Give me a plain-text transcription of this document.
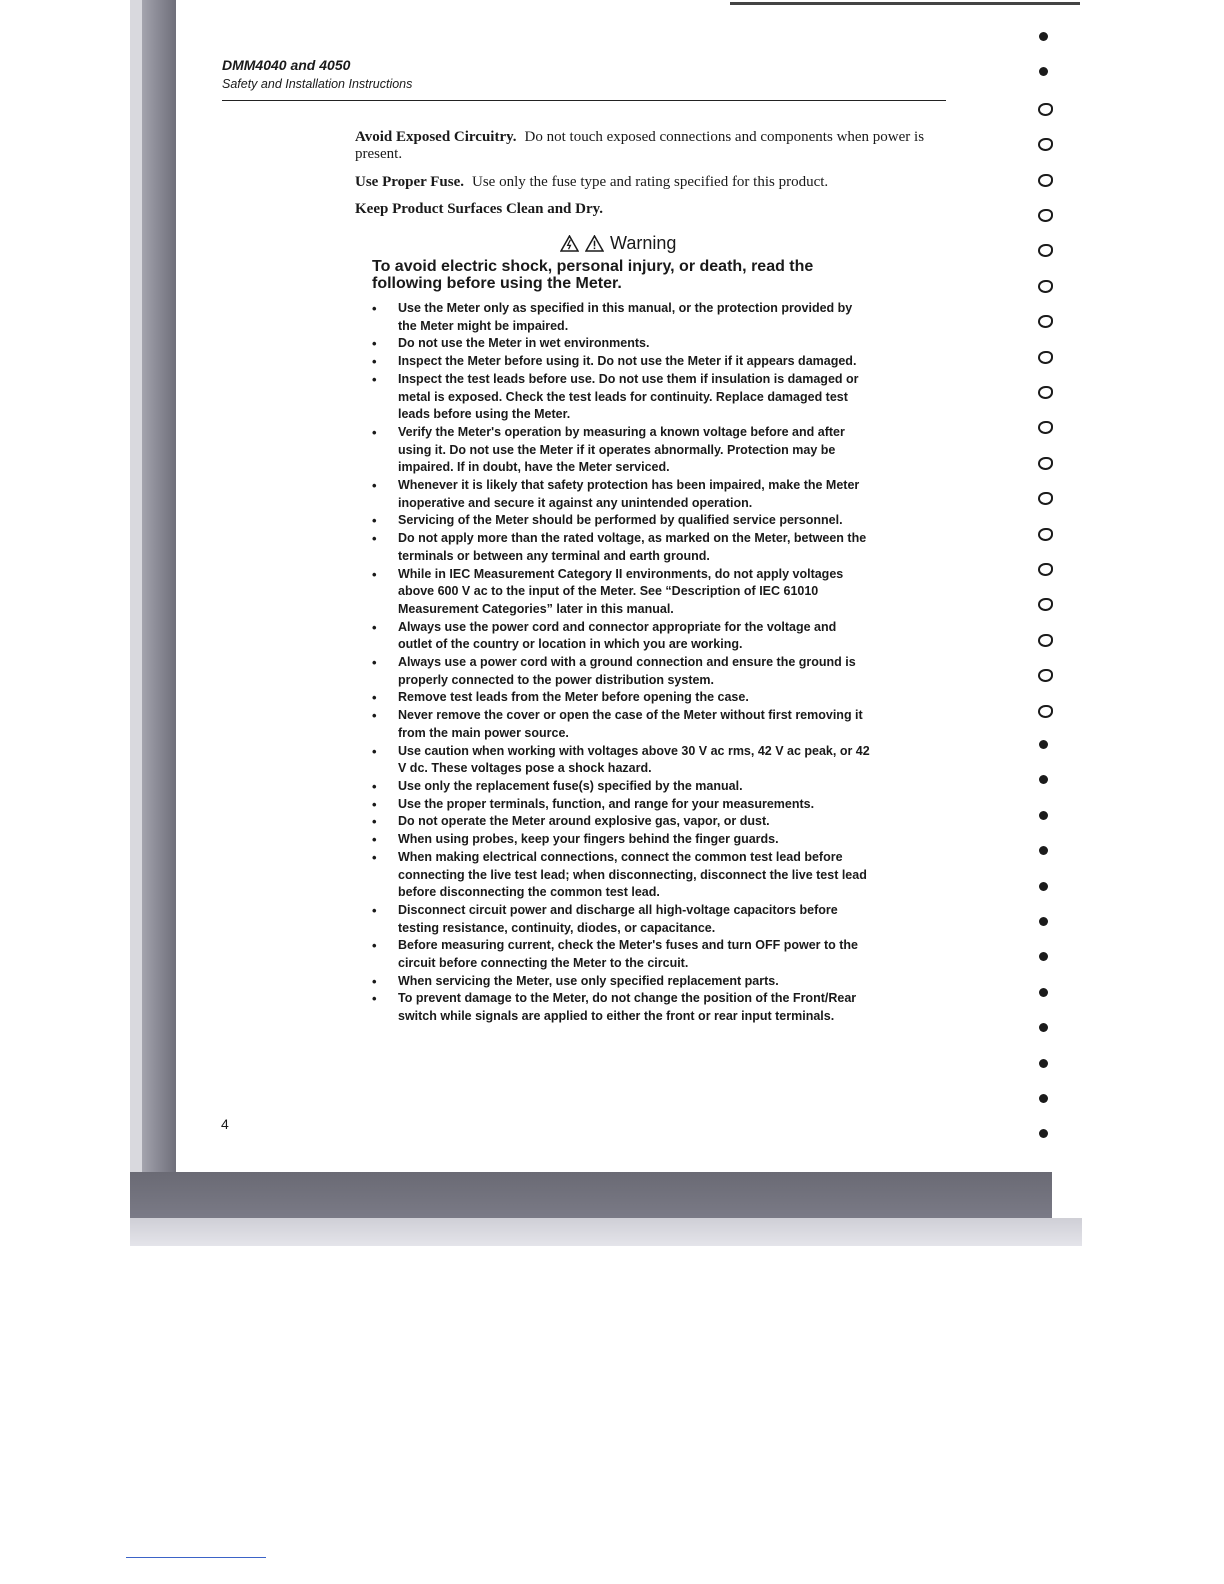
DMM4040 and 4050
Safety and Installation Instructions
Avoid Exposed Circuitry. Do not touch exposed connections and components when power is present.
Use Proper Fuse. Use only the fuse type and rating specified for this product.
Keep Product Surfaces Clean and Dry.
Warning
To avoid electric shock, personal injury, or death, read the following before using the Meter.
• Use the Meter only as specified in this manual, or the protection provided by the Meter might be impaired.
• Do not use the Meter in wet environments.
• Inspect the Meter before using it. Do not use the Meter if it appears damaged.
• Inspect the test leads before use. Do not use them if insulation is damaged or metal is exposed. Check the test leads for continuity. Replace damaged test leads before using the Meter.
• Verify the Meter's operation by measuring a known voltage before and after using it. Do not use the Meter if it operates abnormally. Protection may be impaired. If in doubt, have the Meter serviced.
• Whenever it is likely that safety protection has been impaired, make the Meter inoperative and secure it against any unintended operation.
• Servicing of the Meter should be performed by qualified service personnel.
• Do not apply more than the rated voltage, as marked on the Meter, between the terminals or between any terminal and earth ground.
• While in IEC Measurement Category II environments, do not apply voltages above 600 V ac to the input of the Meter. See “Description of IEC 61010 Measurement Categories” later in this manual.
• Always use the power cord and connector appropriate for the voltage and outlet of the country or location in which you are working.
• Always use a power cord with a ground connection and ensure the ground is properly connected to the power distribution system.
• Remove test leads from the Meter before opening the case.
• Never remove the cover or open the case of the Meter without first removing it from the main power source.
• Use caution when working with voltages above 30 V ac rms, 42 V ac peak, or 42 V dc. These voltages pose a shock hazard.
• Use only the replacement fuse(s) specified by the manual.
• Use the proper terminals, function, and range for your measurements.
• Do not operate the Meter around explosive gas, vapor, or dust.
• When using probes, keep your fingers behind the finger guards.
• When making electrical connections, connect the common test lead before connecting the live test lead; when disconnecting, disconnect the live test lead before disconnecting the common test lead.
• Disconnect circuit power and discharge all high-voltage capacitors before testing resistance, continuity, diodes, or capacitance.
• Before measuring current, check the Meter's fuses and turn OFF power to the circuit before connecting the Meter to the circuit.
• When servicing the Meter, use only specified replacement parts.
• To prevent damage to the Meter, do not change the position of the Front/Rear switch while signals are applied to either the front or rear input terminals.
4
